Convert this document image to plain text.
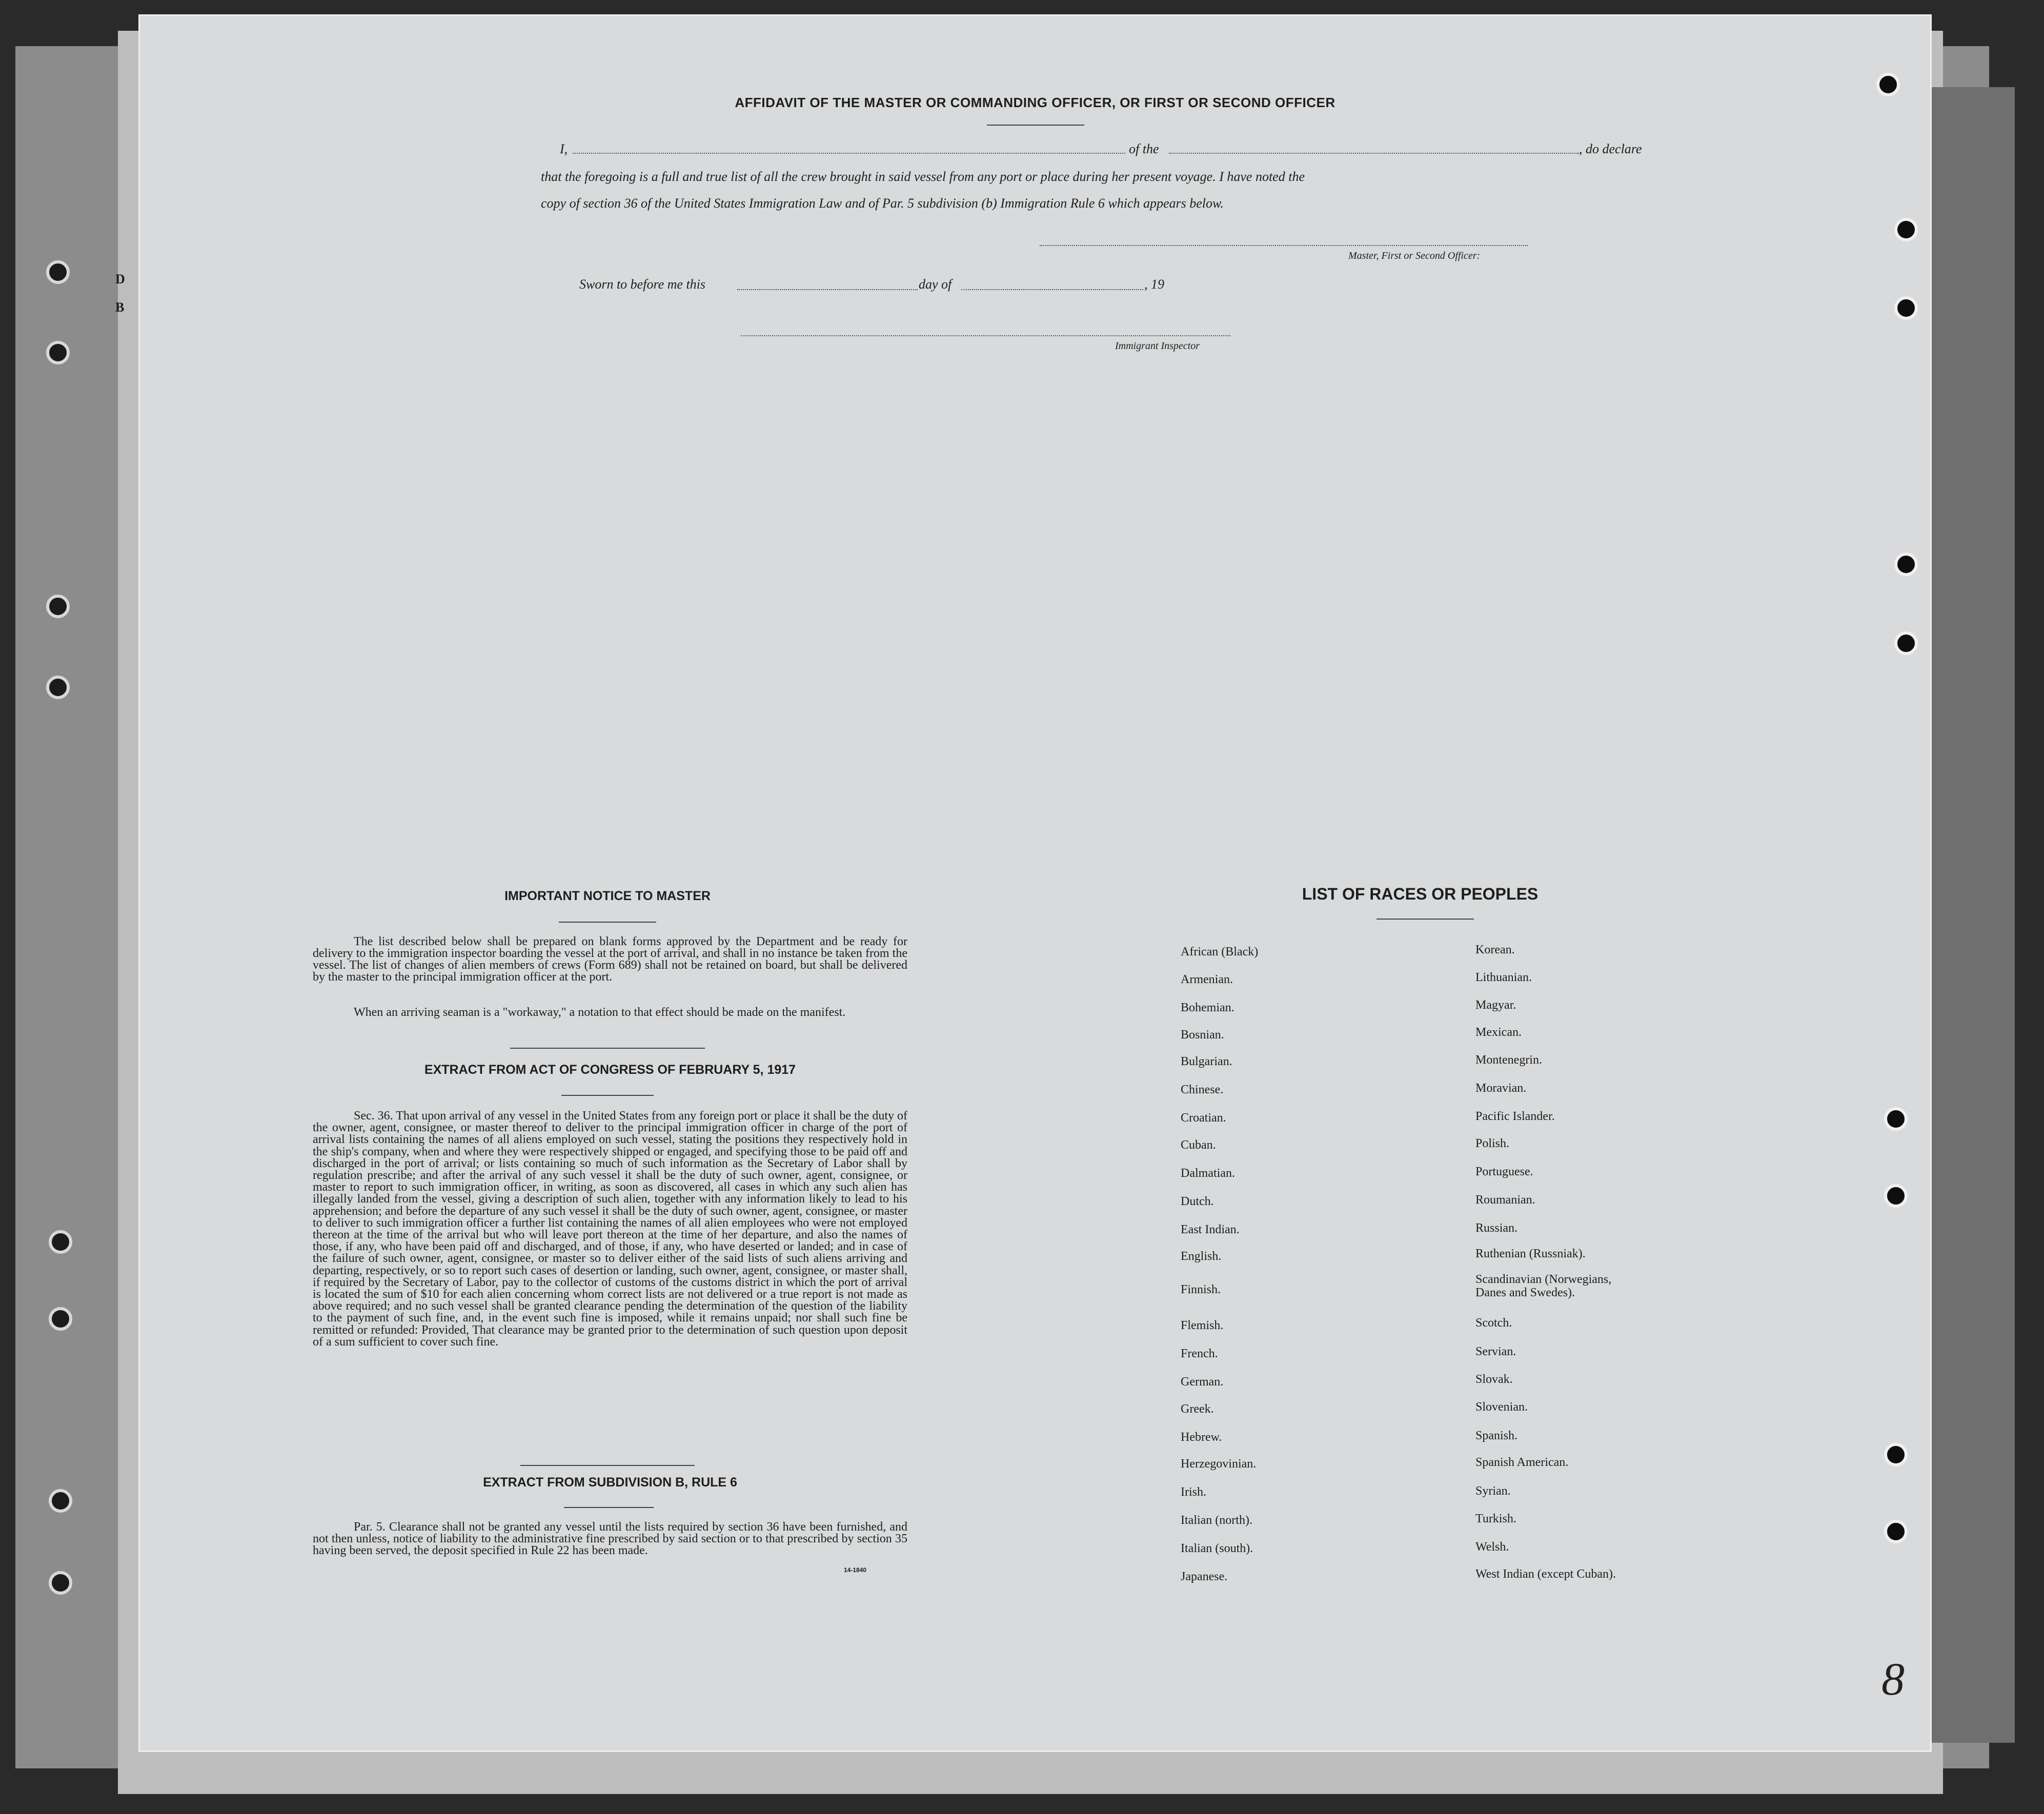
D
B
AFFIDAVIT OF THE MASTER OR COMMANDING OFFICER, OR FIRST OR SECOND OFFICER
I,	of the	, do declare
that the foregoing is a full and true list of all the crew brought in said vessel from any port or place during her present voyage. I have noted the
copy of section 36 of the United States Immigration Law and of Par. 5 subdivision (b) Immigration Rule 6 which appears below.
Master, First or Second Officer:
Sworn to before me this	day of	, 19
Immigrant Inspector
IMPORTANT NOTICE TO MASTER
The list described below shall be prepared on blank forms approved by the Department and be ready for delivery to the immigration inspector boarding the vessel at the port of arrival, and shall in no instance be taken from the vessel. The list of changes of alien members of crews (Form 689) shall not be retained on board, but shall be delivered by the master to the principal immigration officer at the port.
When an arriving seaman is a "workaway," a notation to that effect should be made on the manifest.
EXTRACT FROM ACT OF CONGRESS OF FEBRUARY 5, 1917
Sec. 36. That upon arrival of any vessel in the United States from any foreign port or place it shall be the duty of the owner, agent, consignee, or master thereof to deliver to the principal immigration officer in charge of the port of arrival lists containing the names of all aliens employed on such vessel, stating the positions they respectively hold in the ship's company, when and where they were respectively shipped or engaged, and specifying those to be paid off and discharged in the port of arrival; or lists containing so much of such information as the Secretary of Labor shall by regulation prescribe; and after the arrival of any such vessel it shall be the duty of such owner, agent, consignee, or master to report to such immigration officer, in writing, as soon as discovered, all cases in which any such alien has illegally landed from the vessel, giving a description of such alien, together with any information likely to lead to his apprehension; and before the departure of any such vessel it shall be the duty of such owner, agent, consignee, or master to deliver to such immigration officer a further list containing the names of all alien employees who were not employed thereon at the time of the arrival but who will leave port thereon at the time of her departure, and also the names of those, if any, who have been paid off and discharged, and of those, if any, who have deserted or landed; and in case of the failure of such owner, agent, consignee, or master so to deliver either of the said lists of such aliens arriving and departing, respectively, or so to report such cases of desertion or landing, such owner, agent, consignee, or master shall, if required by the Secretary of Labor, pay to the collector of customs of the customs district in which the port of arrival is located the sum of $10 for each alien concerning whom correct lists are not delivered or a true report is not made as above required; and no such vessel shall be granted clearance pending the determination of the question of the liability to the payment of such fine, and, in the event such fine is imposed, while it remains unpaid; nor shall such fine be remitted or refunded: Provided, That clearance may be granted prior to the determination of such question upon deposit of a sum sufficient to cover such fine.
EXTRACT FROM SUBDIVISION B, RULE 6
Par. 5. Clearance shall not be granted any vessel until the lists required by section 36 have been furnished, and not then unless, notice of liability to the administrative fine prescribed by said section or to that prescribed by section 35 having been served, the deposit specified in Rule 22 has been made.
14-1840
LIST OF RACES OR PEOPLES
African (Black)
Armenian.
Bohemian.
Bosnian.
Bulgarian.
Chinese.
Croatian.
Cuban.
Dalmatian.
Dutch.
East Indian.
English.
Finnish.
Flemish.
French.
German.
Greek.
Hebrew.
Herzegovinian.
Irish.
Italian (north).
Italian (south).
Japanese.
Korean.
Lithuanian.
Magyar.
Mexican.
Montenegrin.
Moravian.
Pacific Islander.
Polish.
Portuguese.
Roumanian.
Russian.
Ruthenian (Russniak).
Scandinavian (Norwegians,
Danes and Swedes).
Scotch.
Servian.
Slovak.
Slovenian.
Spanish.
Spanish American.
Syrian.
Turkish.
Welsh.
West Indian (except Cuban).
8
